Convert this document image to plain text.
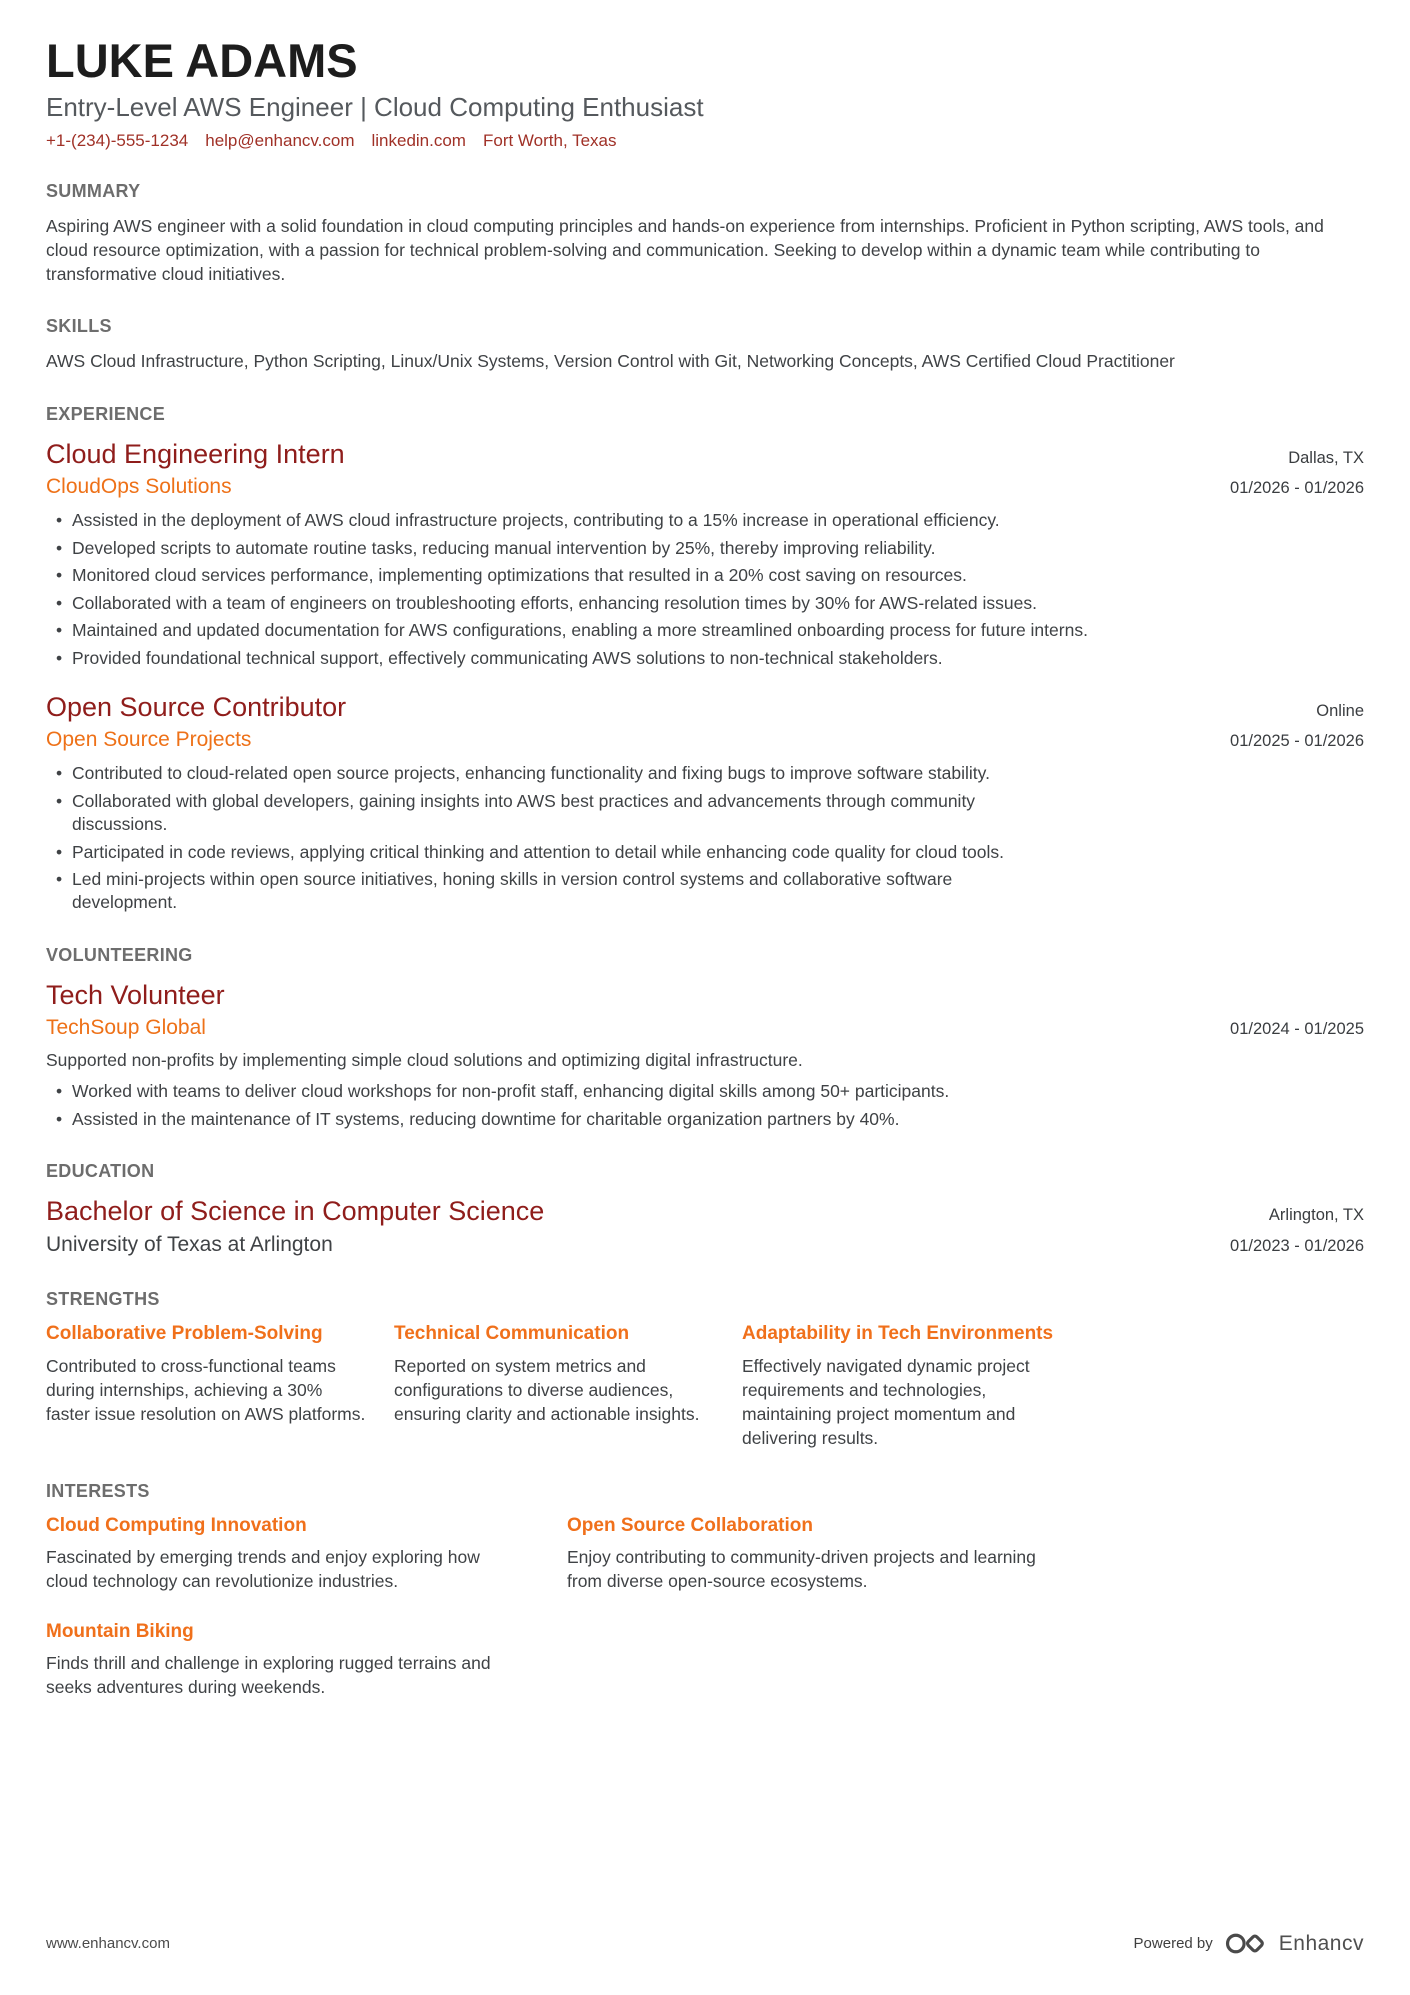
LUKE ADAMS
Entry-Level AWS Engineer | Cloud Computing Enthusiast
+1-(234)-555-1234 help@enhancv.com linkedin.com Fort Worth, Texas
SUMMARY

Aspiring AWS engineer with a solid foundation in cloud computing principles and hands-on experience from internships. Proficient in Python scripting, AWS tools, and cloud resource optimization, with a passion for technical problem-solving and communication. Seeking to develop within a dynamic team while contributing to transformative cloud initiatives.

SKILLS

AWS Cloud Infrastructure, Python Scripting, Linux/Unix Systems, Version Control with Git, Networking Concepts, AWS Certified Cloud Practitioner

EXPERIENCE
Cloud Engineering Intern	Dallas, TX
CloudOps Solutions	01/2026 - 01/2026
• Assisted in the deployment of AWS cloud infrastructure projects, contributing to a 15% increase in operational efficiency.
• Developed scripts to automate routine tasks, reducing manual intervention by 25%, thereby improving reliability.
• Monitored cloud services performance, implementing optimizations that resulted in a 20% cost saving on resources.
• Collaborated with a team of engineers on troubleshooting efforts, enhancing resolution times by 30% for AWS-related issues.
• Maintained and updated documentation for AWS configurations, enabling a more streamlined onboarding process for future interns.
• Provided foundational technical support, effectively communicating AWS solutions to non-technical stakeholders.
Open Source Contributor	Online
Open Source Projects	01/2025 - 01/2026
• Contributed to cloud-related open source projects, enhancing functionality and fixing bugs to improve software stability.
• Collaborated with global developers, gaining insights into AWS best practices and advancements through community discussions.
• Participated in code reviews, applying critical thinking and attention to detail while enhancing code quality for cloud tools.
• Led mini-projects within open source initiatives, honing skills in version control systems and collaborative software development.
VOLUNTEERING
Tech Volunteer
TechSoup Global	01/2024 - 01/2025

Supported non-profits by implementing simple cloud solutions and optimizing digital infrastructure.

• Worked with teams to deliver cloud workshops for non-profit staff, enhancing digital skills among 50+ participants.
• Assisted in the maintenance of IT systems, reducing downtime for charitable organization partners by 40%.
EDUCATION
Bachelor of Science in Computer Science	Arlington, TX
University of Texas at Arlington	01/2023 - 01/2026
STRENGTHS
Collaborative Problem-Solving

Contributed to cross-functional teams during internships, achieving a 30% faster issue resolution on AWS platforms.

Technical Communication

Reported on system metrics and configurations to diverse audiences, ensuring clarity and actionable insights.

Adaptability in Tech Environments

Effectively navigated dynamic project requirements and technologies, maintaining project momentum and delivering results.

INTERESTS
Cloud Computing Innovation

Fascinated by emerging trends and enjoy exploring how cloud technology can revolutionize industries.

Open Source Collaboration

Enjoy contributing to community-driven projects and learning from diverse open-source ecosystems.

Mountain Biking

Finds thrill and challenge in exploring rugged terrains and seeks adventures during weekends.

www.enhancv.com	Powered by	Enhancv
